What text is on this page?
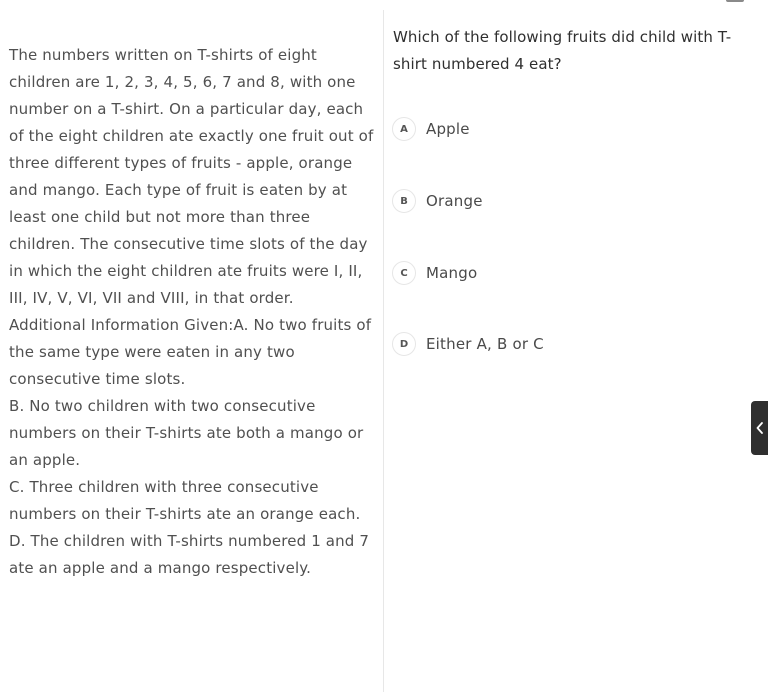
The numbers written on T-shirts of eight children are 1, 2, 3, 4, 5, 6, 7 and 8, with one number on a T-shirt. On a particular day, each of the eight children ate exactly one fruit out of three different types of fruits - apple, orange and mango. Each type of fruit is eaten by at least one child but not more than three children. The consecutive time slots of the day in which the eight children ate fruits were I, II, III, IV, V, VI, VII and VIII, in that order. Additional Information Given:A. No two fruits of the same type were eaten in any two consecutive time slots.

B. No two children with two consecutive numbers on their T-shirts ate both a mango or an apple.

C. Three children with three consecutive numbers on their T-shirts ate an orange each.

D. The children with T-shirts numbered 1 and 7 ate an apple and a mango respectively.

Which of the following fruits did child with T-shirt numbered 4 eat?
A	Apple
B	Orange
C	Mango
D	Either A, B or C
